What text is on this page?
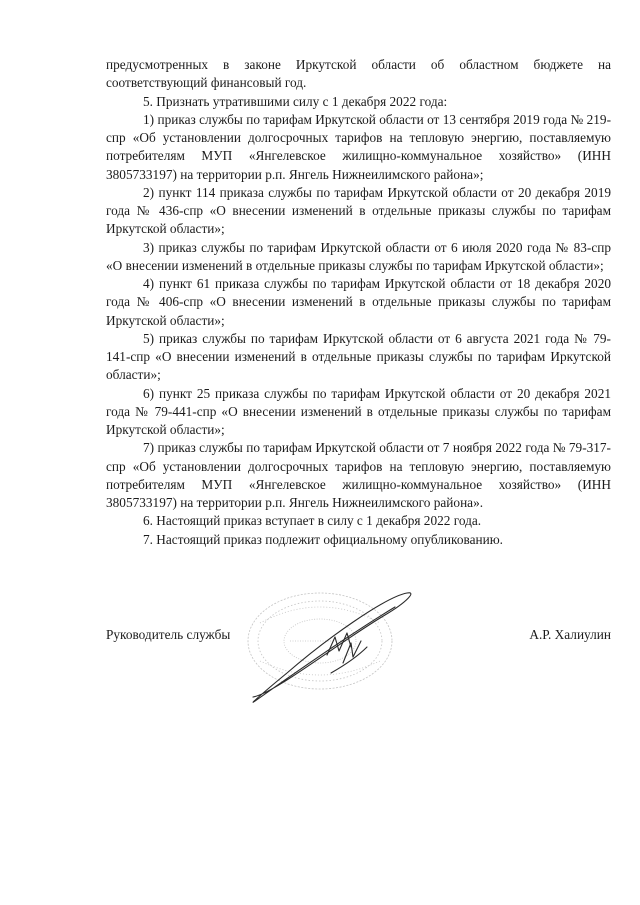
предусмотренных в законе Иркутской области об областном бюджете на соответствующий финансовый год.

5. Признать утратившими силу с 1 декабря 2022 года:

1) приказ службы по тарифам Иркутской области от 13 сентября 2019 года № 219-спр «Об установлении долгосрочных тарифов на тепловую энергию, поставляемую потребителям МУП «Янгелевское жилищно-коммунальное хозяйство» (ИНН 3805733197) на территории р.п. Янгель Нижнеилимского района»;

2) пункт 114 приказа службы по тарифам Иркутской области от 20 декабря 2019 года № 436-спр «О внесении изменений в отдельные приказы службы по тарифам Иркутской области»;

3) приказ службы по тарифам Иркутской области от 6 июля 2020 года № 83-спр «О внесении изменений в отдельные приказы службы по тарифам Иркутской области»;

4) пункт 61 приказа службы по тарифам Иркутской области от 18 декабря 2020 года № 406-спр «О внесении изменений в отдельные приказы службы по тарифам Иркутской области»;

5) приказ службы по тарифам Иркутской области от 6 августа 2021 года № 79-141-спр «О внесении изменений в отдельные приказы службы по тарифам Иркутской области»;

6) пункт 25 приказа службы по тарифам Иркутской области от 20 декабря 2021 года № 79-441-спр «О внесении изменений в отдельные приказы службы по тарифам Иркутской области»;

7) приказ службы по тарифам Иркутской области от 7 ноября 2022 года № 79-317-спр «Об установлении долгосрочных тарифов на тепловую энергию, поставляемую потребителям МУП «Янгелевское жилищно-коммунальное хозяйство» (ИНН 3805733197) на территории р.п. Янгель Нижнеилимского района».

6. Настоящий приказ вступает в силу с 1 декабря 2022 года.

7. Настоящий приказ подлежит официальному опубликованию.

Руководитель службы	А.Р. Халиулин
